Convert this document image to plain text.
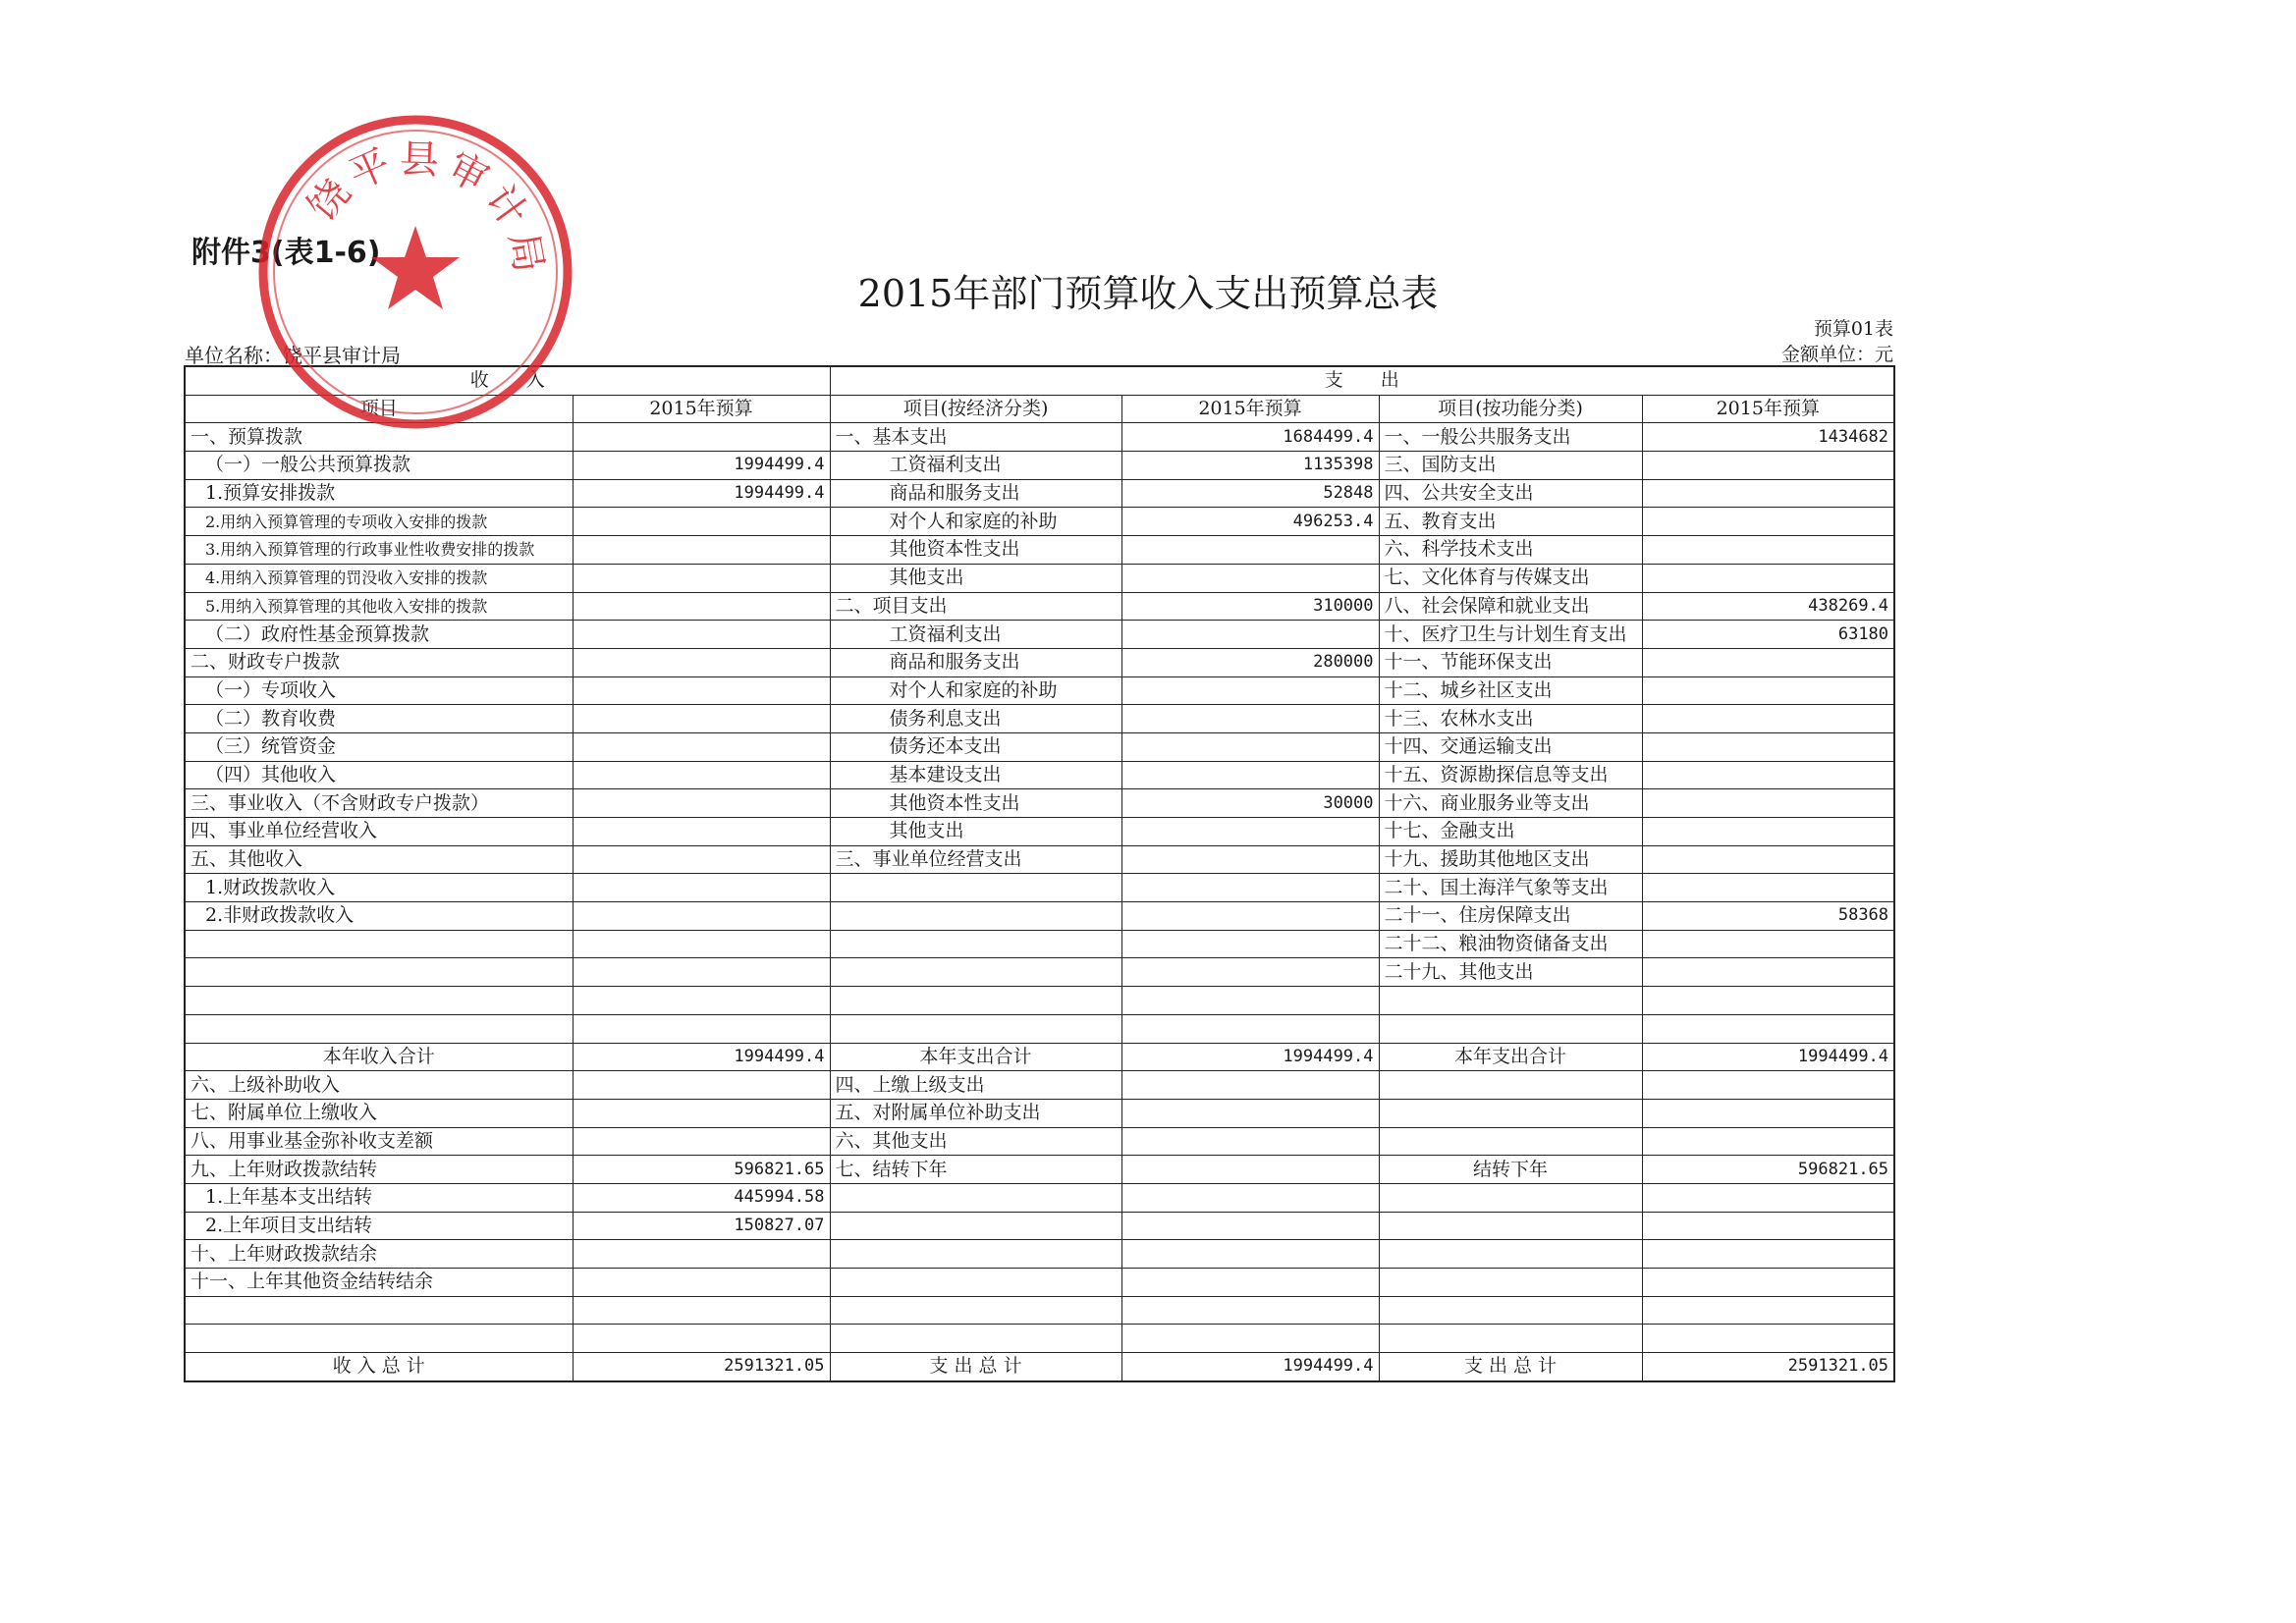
附件3(表1-6)
2015年部门预算收入支出预算总表
预算01表
单位名称：饶平县审计局	金额单位：元
收　　入		支　　出			
项目	2015年预算	项目(按经济分类)	2015年预算	项目(按功能分类)	2015年预算
一、预算拨款		一、基本支出	1684499.4	一、一般公共服务支出	1434682
（一）一般公共预算拨款	1994499.4	工资福利支出	1135398	三、国防支出	
1.预算安排拨款	1994499.4	商品和服务支出	52848	四、公共安全支出	
2.用纳入预算管理的专项收入安排的拨款		对个人和家庭的补助	496253.4	五、教育支出	
3.用纳入预算管理的行政事业性收费安排的拨款		其他资本性支出		六、科学技术支出	
4.用纳入预算管理的罚没收入安排的拨款		其他支出		七、文化体育与传媒支出	
5.用纳入预算管理的其他收入安排的拨款		二、项目支出	310000	八、社会保障和就业支出	438269.4
（二）政府性基金预算拨款		工资福利支出		十、医疗卫生与计划生育支出	63180
二、财政专户拨款		商品和服务支出	280000	十一、节能环保支出	
（一）专项收入		对个人和家庭的补助		十二、城乡社区支出	
（二）教育收费		债务利息支出		十三、农林水支出	
（三）统管资金		债务还本支出		十四、交通运输支出	
（四）其他收入		基本建设支出		十五、资源勘探信息等支出	
三、事业收入（不含财政专户拨款）		其他资本性支出	30000	十六、商业服务业等支出	
四、事业单位经营收入		其他支出		十七、金融支出	
五、其他收入		三、事业单位经营支出		十九、援助其他地区支出	
1.财政拨款收入				二十、国土海洋气象等支出	
2.非财政拨款收入				二十一、住房保障支出	58368
				二十二、粮油物资储备支出	
				二十九、其他支出	

本年收入合计	1994499.4	本年支出合计	1994499.4	本年支出合计	1994499.4
六、上级补助收入		四、上缴上级支出			
七、附属单位上缴收入		五、对附属单位补助支出			
八、用事业基金弥补收支差额		六、其他支出			
九、上年财政拨款结转	596821.65	七、结转下年		结转下年	596821.65
1.上年基本支出结转	445994.58				
2.上年项目支出结转	150827.07				
十、上年财政拨款结余					
十一、上年其他资金结转结余					

收 入 总 计	2591321.05	支 出 总 计	1994499.4	支 出 总 计	2591321.05
饶
平 县 审
计
局
